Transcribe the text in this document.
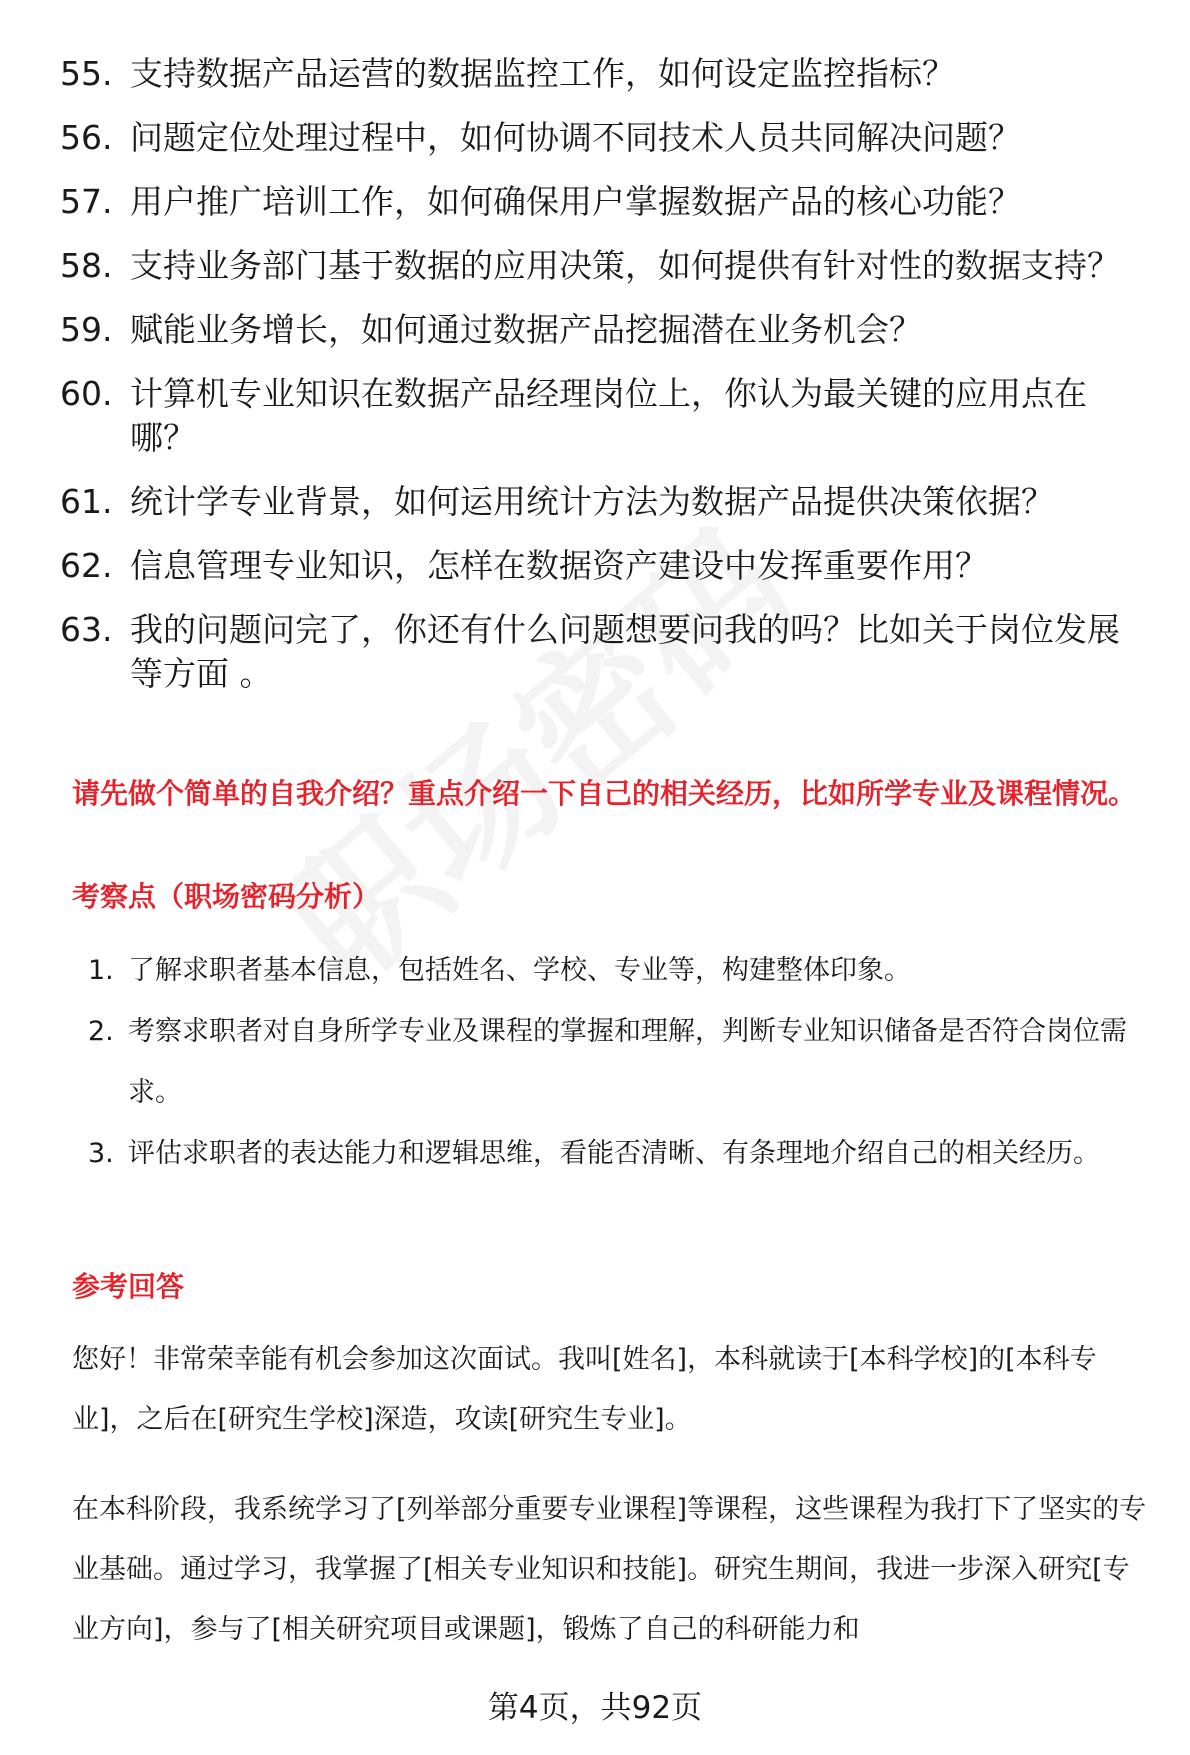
55. 支持数据产品运营的数据监控工作，如何设定监控指标？
56. 问题定位处理过程中，如何协调不同技术人员共同解决问题？
57. 用户推广培训工作，如何确保用户掌握数据产品的核心功能？
58. 支持业务部门基于数据的应用决策，如何提供有针对性的数据支持？
59. 赋能业务增长，如何通过数据产品挖掘潜在业务机会？
60. 计算机专业知识在数据产品经理岗位上，你认为最关键的应用点在哪？
61. 统计学专业背景，如何运用统计方法为数据产品提供决策依据？
62. 信息管理专业知识，怎样在数据资产建设中发挥重要作用？
63. 我的问题问完了，你还有什么问题想要问我的吗？比如关于岗位发展等方面 。
请先做个简单的自我介绍？重点介绍一下自己的相关经历，比如所学专业及课程情况。
考察点（职场密码分析）
1. 了解求职者基本信息，包括姓名、学校、专业等，构建整体印象。
2. 考察求职者对自身所学专业及课程的掌握和理解，判断专业知识储备是否符合岗位需求。
3. 评估求职者的表达能力和逻辑思维，看能否清晰、有条理地介绍自己的相关经历。
参考回答
您好！非常荣幸能有机会参加这次面试。我叫[姓名]，本科就读于[本科学校]的[本科专业]，之后在[研究生学校]深造，攻读[研究生专业]。
在本科阶段，我系统学习了[列举部分重要专业课程]等课程，这些课程为我打下了坚实的专业基础。通过学习，我掌握了[相关专业知识和技能]。研究生期间，我进一步深入研究[专业方向]，参与了[相关研究项目或课题]，锻炼了自己的科研能力和
第4页，共92页
